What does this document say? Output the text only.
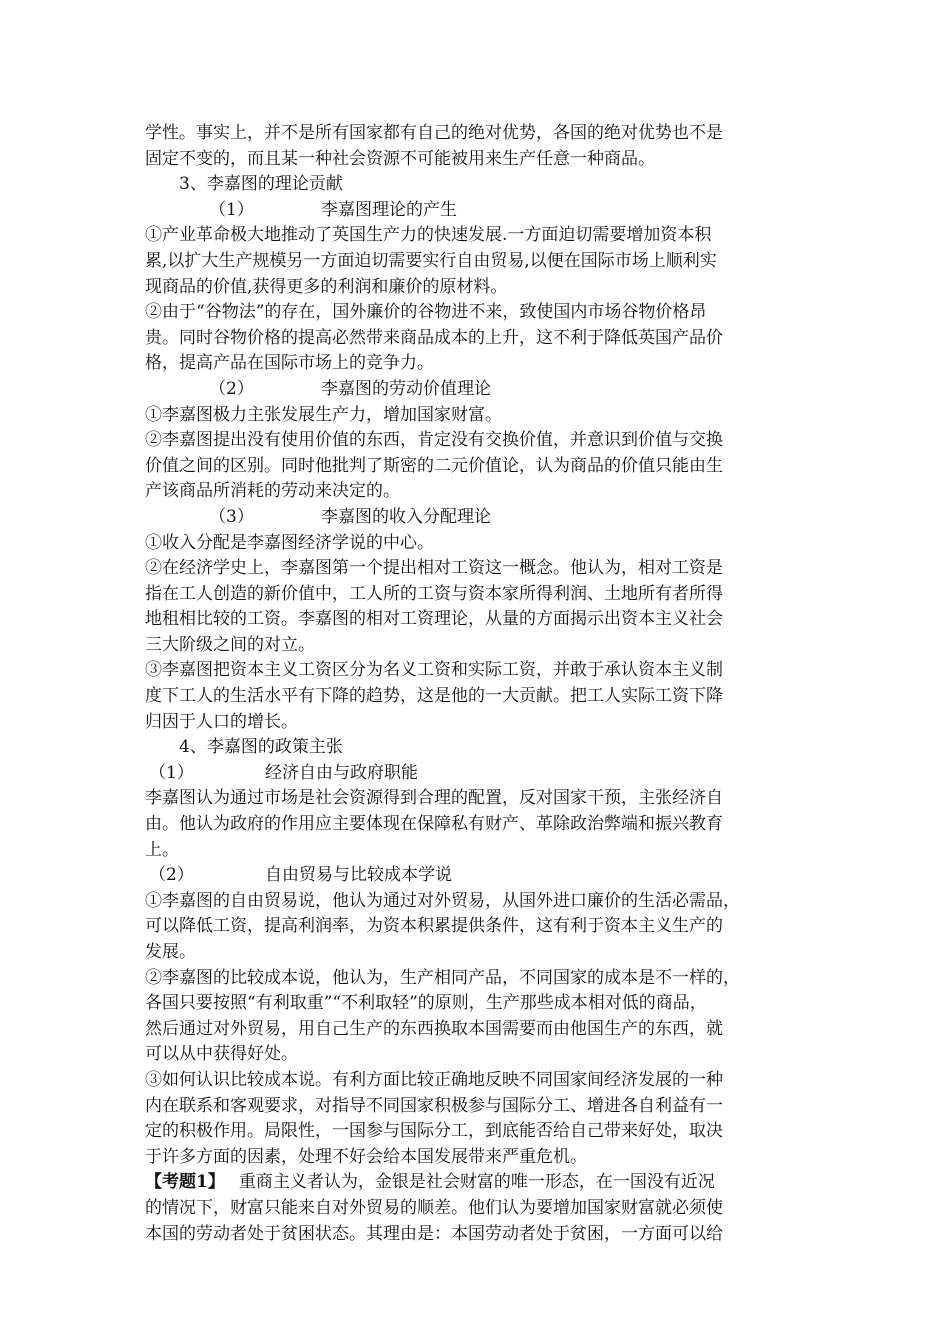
学性。事实上，并不是所有国家都有自己的绝对优势，各国的绝对优势也不是
固定不变的，而且某一种社会资源不可能被用来生产任意一种商品。
3、李嘉图的理论贡献
（1）	李嘉图理论的产生
①产业革命极大地推动了英国生产力的快速发展.一方面迫切需要增加资本积
累,以扩大生产规模另一方面迫切需要实行自由贸易,以便在国际市场上顺利实
现商品的价值,获得更多的利润和廉价的原材料。
②由于“谷物法”的存在，国外廉价的谷物进不来，致使国内市场谷物价格昂
贵。同时谷物价格的提高必然带来商品成本的上升，这不利于降低英国产品价
格，提高产品在国际市场上的竞争力。
（2）	李嘉图的劳动价值理论
①李嘉图极力主张发展生产力，增加国家财富。
②李嘉图提出没有使用价值的东西，肯定没有交换价值，并意识到价值与交换
价值之间的区别。同时他批判了斯密的二元价值论，认为商品的价值只能由生
产该商品所消耗的劳动来决定的。
（3）	李嘉图的收入分配理论
①收入分配是李嘉图经济学说的中心。
②在经济学史上，李嘉图第一个提出相对工资这一概念。他认为，相对工资是
指在工人创造的新价值中，工人所的工资与资本家所得利润、土地所有者所得
地租相比较的工资。李嘉图的相对工资理论，从量的方面揭示出资本主义社会
三大阶级之间的对立。
③李嘉图把资本主义工资区分为名义工资和实际工资，并敢于承认资本主义制
度下工人的生活水平有下降的趋势，这是他的一大贡献。把工人实际工资下降
归因于人口的增长。
4、李嘉图的政策主张
（1）	经济自由与政府职能
李嘉图认为通过市场是社会资源得到合理的配置，反对国家干预，主张经济自
由。他认为政府的作用应主要体现在保障私有财产、革除政治弊端和振兴教育
上。
（2）	自由贸易与比较成本学说
①李嘉图的自由贸易说，他认为通过对外贸易，从国外进口廉价的生活必需品，
可以降低工资，提高利润率，为资本积累提供条件，这有利于资本主义生产的
发展。
②李嘉图的比较成本说，他认为，生产相同产品，不同国家的成本是不一样的，
各国只要按照“有利取重”“不利取轻”的原则，生产那些成本相对低的商品，
然后通过对外贸易，用自己生产的东西换取本国需要而由他国生产的东西，就
可以从中获得好处。
③如何认识比较成本说。有利方面比较正确地反映不同国家间经济发展的一种
内在联系和客观要求，对指导不同国家积极参与国际分工、增进各自利益有一
定的积极作用。局限性，一国参与国际分工，到底能否给自己带来好处，取决
于许多方面的因素，处理不好会给本国发展带来严重危机。
【考题1】 重商主义者认为，金银是社会财富的唯一形态，在一国没有近况
的情况下，财富只能来自对外贸易的顺差。他们认为要增加国家财富就必须使
本国的劳动者处于贫困状态。其理由是：本国劳动者处于贫困，一方面可以给
